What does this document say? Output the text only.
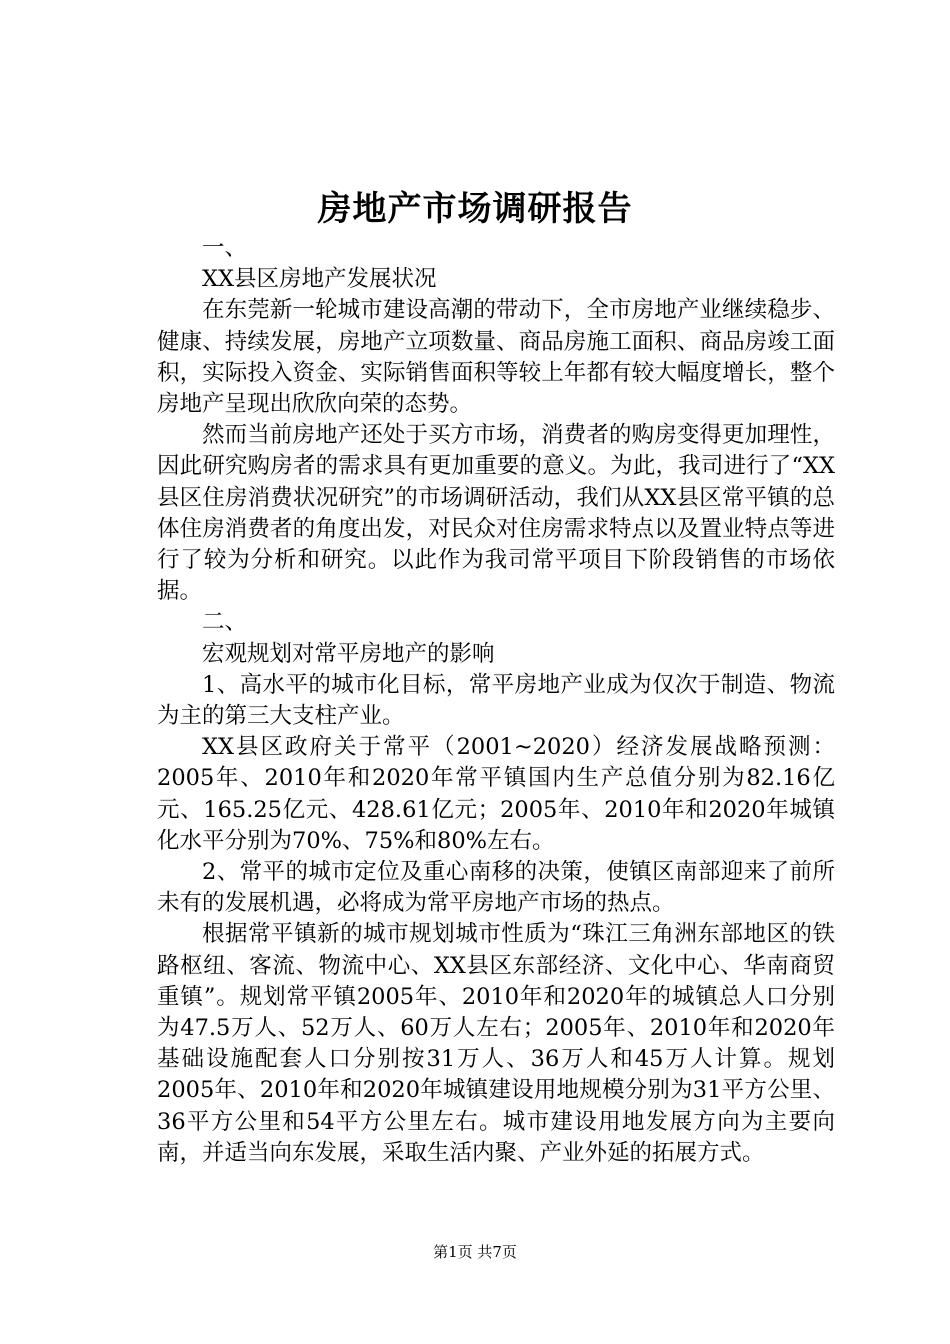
房地产市场调研报告

一、

XX县区房地产发展状况

在东莞新一轮城市建设高潮的带动下，全市房地产业继续稳步、健康、持续发展，房地产立项数量、商品房施工面积、商品房竣工面积，实际投入资金、实际销售面积等较上年都有较大幅度增长，整个房地产呈现出欣欣向荣的态势。

然而当前房地产还处于买方市场，消费者的购房变得更加理性，因此研究购房者的需求具有更加重要的意义。为此，我司进行了“XX县区住房消费状况研究”的市场调研活动，我们从XX县区常平镇的总体住房消费者的角度出发，对民众对住房需求特点以及置业特点等进行了较为分析和研究。以此作为我司常平项目下阶段销售的市场依据。

二、

宏观规划对常平房地产的影响

1、高水平的城市化目标，常平房地产业成为仅次于制造、物流为主的第三大支柱产业。

XX县区政府关于常平（2001~2020）经济发展战略预测：2005年、2010年和2020年常平镇国内生产总值分别为82.16亿元、165.25亿元、428.61亿元；2005年、2010年和2020年城镇化水平分别为70%、75%和80%左右。

2、常平的城市定位及重心南移的决策，使镇区南部迎来了前所未有的发展机遇，必将成为常平房地产市场的热点。

根据常平镇新的城市规划城市性质为“珠江三角洲东部地区的铁路枢纽、客流、物流中心、XX县区东部经济、文化中心、华南商贸重镇”。规划常平镇2005年、2010年和2020年的城镇总人口分别为47.5万人、52万人、60万人左右；2005年、2010年和2020年基础设施配套人口分别按31万人、36万人和45万人计算。规划2005年、2010年和2020年城镇建设用地规模分别为31平方公里、36平方公里和54平方公里左右。城市建设用地发展方向为主要向南，并适当向东发展，采取生活内聚、产业外延的拓展方式。

第1页 共7页
